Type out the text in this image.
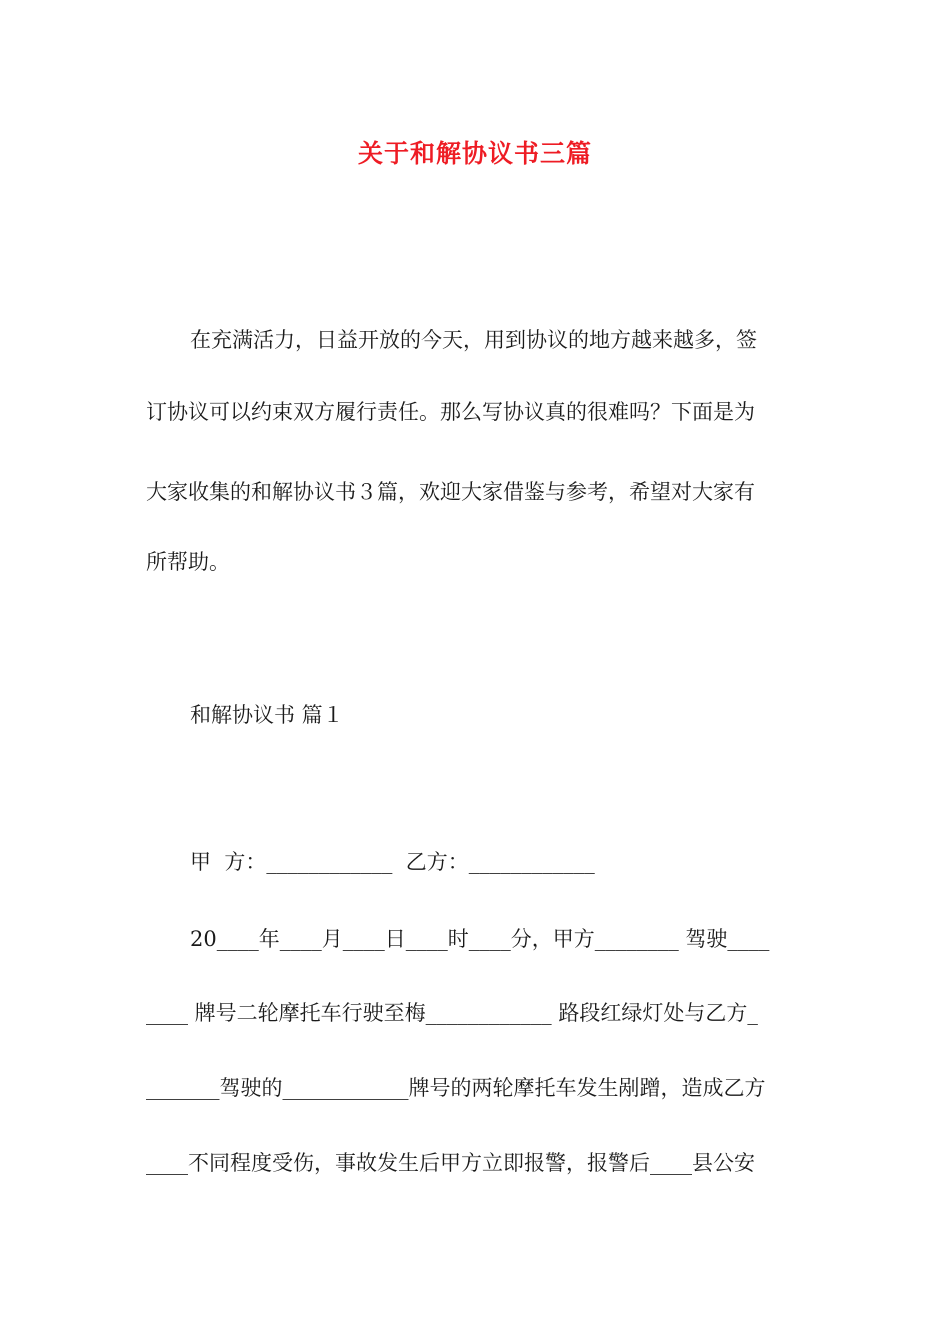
关于和解协议书三篇
在充满活力，日益开放的今天，用到协议的地方越来越多，签
订协议可以约束双方履行责任。那么写协议真的很难吗？下面是为
大家收集的和解协议书３篇，欢迎大家借鉴与参考，希望对大家有
所帮助。
和解协议书 篇１
甲  方：____________  乙方：____________
20____年____月____日____时____分，甲方________ 驾驶____
____ 牌号二轮摩托车行驶至梅____________ 路段红绿灯处与乙方_
_______驾驶的____________牌号的两轮摩托车发生剐蹭，造成乙方
____不同程度受伤，事故发生后甲方立即报警，报警后____县公安
